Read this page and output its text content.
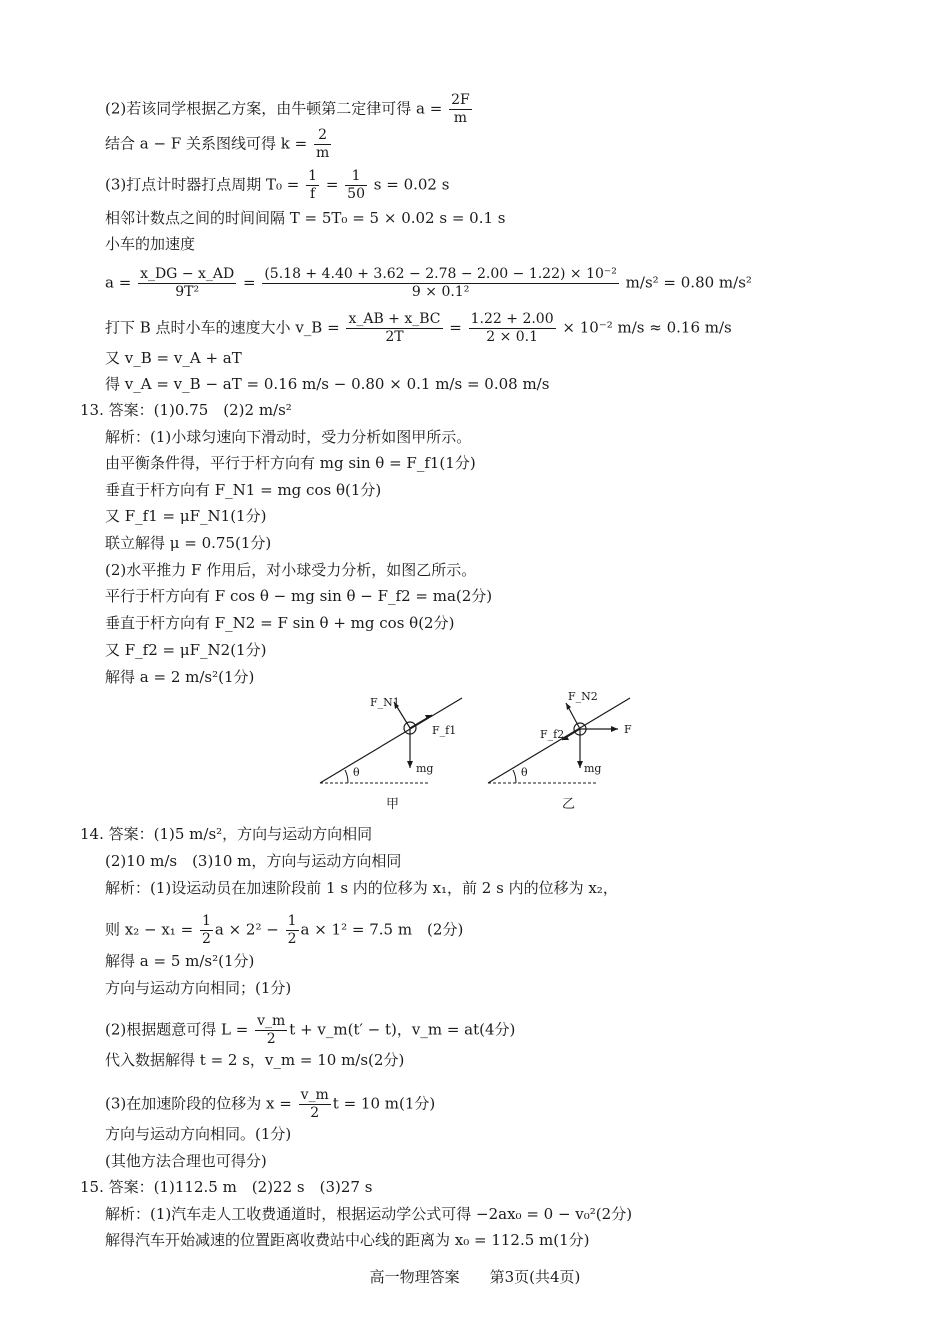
(2)若该同学根据乙方案，由牛顿第二定律可得 $a = \frac{2F}{m}$
结合 a − F 关系图线可得 $k = \frac{2}{m}$
(3)打点计时器打点周期 $T_0 = \frac{1}{f} = \frac{1}{50}$ s = 0.02 s
相邻计数点之间的时间间隔 T = 5T₀ = 5 × 0.02 s = 0.1 s
小车的加速度
$a = \frac{x\_DG - x\_AD}{\text{9T²}} = \frac{\text{(5.18 + 4.40 + 3.62 − 2.78 − 2.00 − 1.22) × 10⁻²}}{\text{9 × 0.1²}} m/s^2 = 0.80$ m/s²
打下 B 点时小车的速度大小 v_B = $\frac{x\_AB + x\_BC}{2T} = \frac{1.22 + 2.00}{2 \times 0.1} \times 10^{-2}$ m/s ≈ 0.16 m/s
又 v_B = v_A + aT
得 v_A = v_B − aT = 0.16 m/s − 0.80 × 0.1 m/s = 0.08 m/s
13. 答案：(1)0.75　(2)2 m/s²
解析：(1)小球匀速向下滑动时，受力分析如图甲所示。
由平衡条件得，平行于杆方向有 mg sin θ = F_f1(1分)
垂直于杆方向有 F_N1 = mg cos θ(1分)
又 F_f1 = μF_N1(1分)
联立解得 μ = 0.75(1分)
(2)水平推力 F 作用后，对小球受力分析，如图乙所示。
平行于杆方向有 F cos θ − mg sin θ − F_f2 = ma(2分)
垂直于杆方向有 F_N2 = F sin θ + mg cos θ(2分)
又 F_f2 = μF_N2(1分)
解得 a = 2 m/s²(1分)
14. 答案：(1)5 m/s²，方向与运动方向相同
(2)10 m/s　(3)10 m，方向与运动方向相同
解析：(1)设运动员在加速阶段前 1 s 内的位移为 x₁，前 2 s 内的位移为 x₂，
则 $x_2 - x_1 = \frac{1}{2}$ $a \times 2^2 - \frac{1}{2}$ a × 1² = 7.5 m　(2分)
解得 a = 5 m/s²(1分)
方向与运动方向相同；(1分)
(2)根据题意可得 $L = \frac{v\_m}{2}$ t + v_m(t′ − t)，v_m = at(4分)
代入数据解得 t = 2 s，v_m = 10 m/s(2分)
(3)在加速阶段的位移为 $x = \frac{v\_m}{2}$ t = 10 m(1分)
方向与运动方向相同。(1分)
(其他方法合理也可得分)
15. 答案：(1)112.5 m　(2)22 s　(3)27 s
解析：(1)汽车走人工收费通道时，根据运动学公式可得 −2ax₀ = 0 − v₀²(2分)
解得汽车开始减速的位置距离收费站中心线的距离为 x₀ = 112.5 m(1分)
θ
F_N1
F_f1
mg
甲
θ
F_N2
F_f2	F
mg
乙
高一物理答案　　第3页(共4页)
